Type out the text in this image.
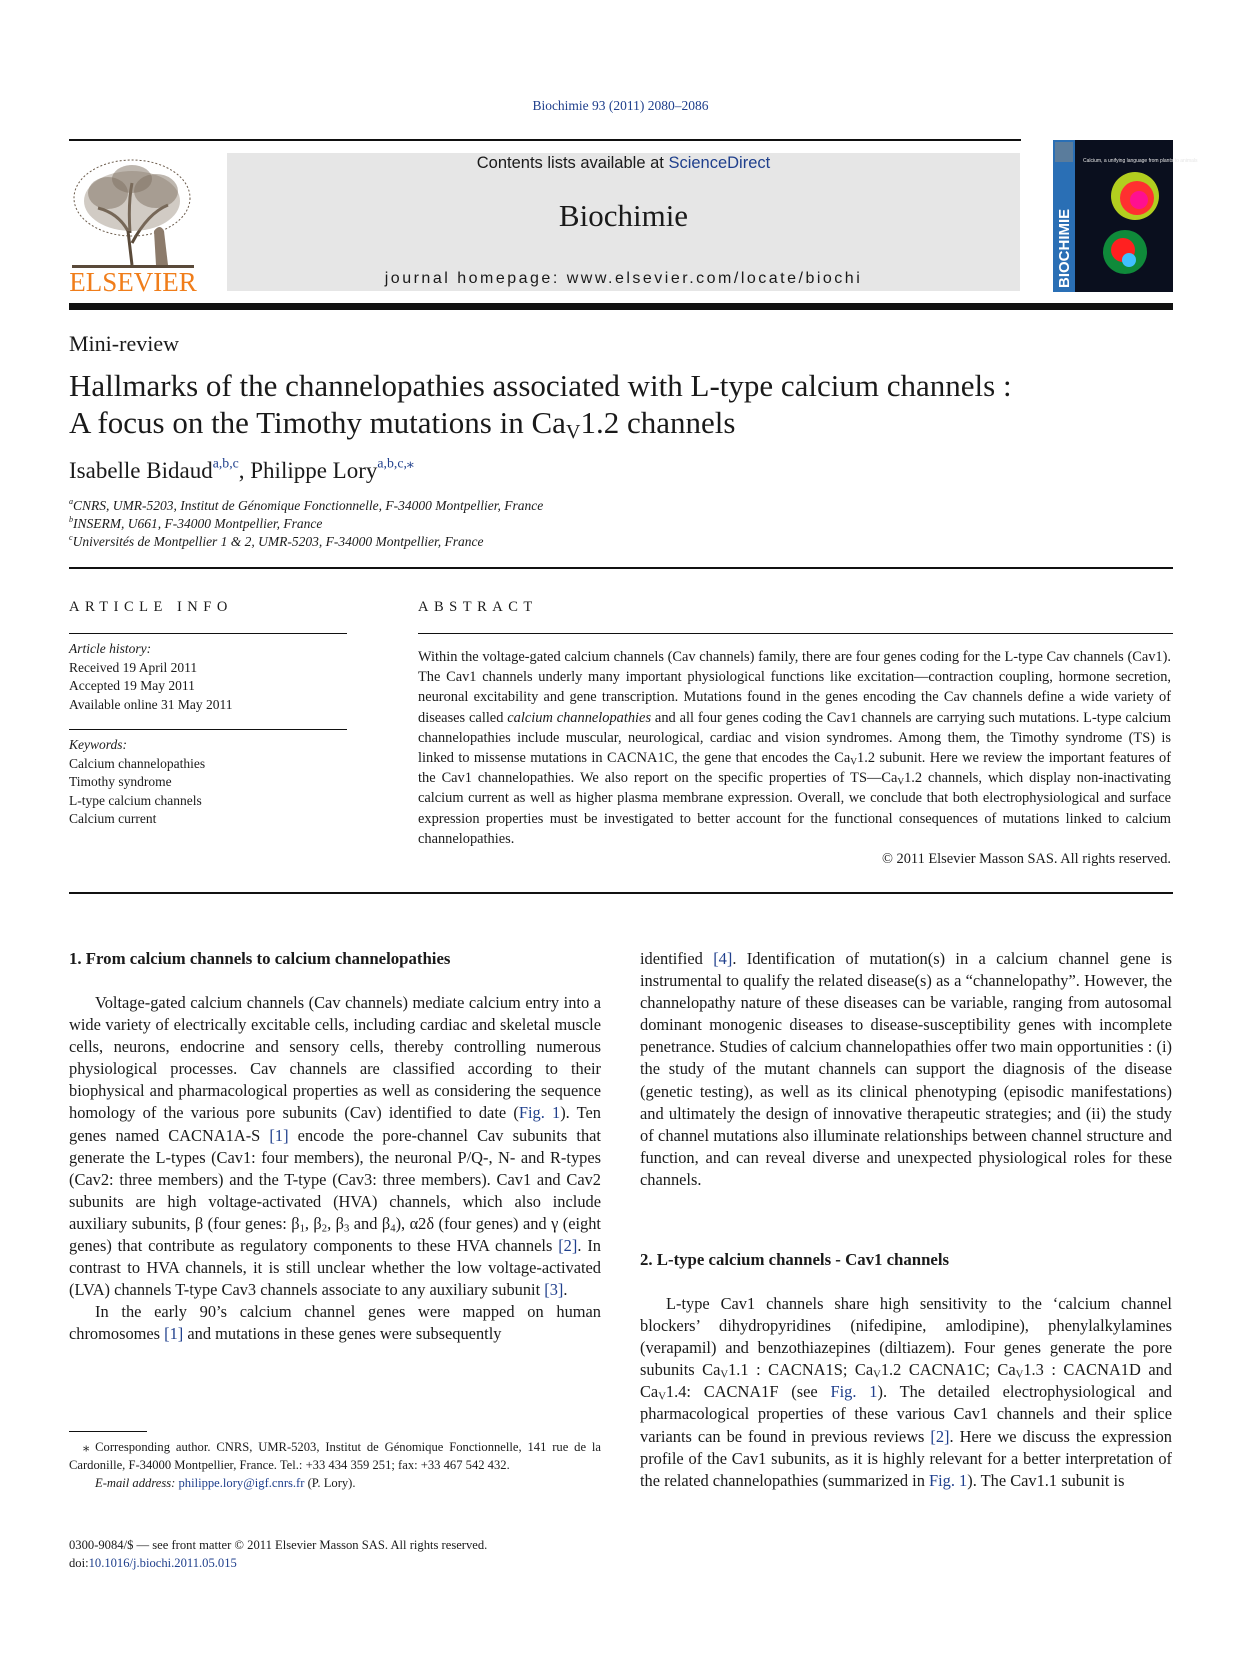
Biochimie 93 (2011) 2080–2086
ELSEVIER
Contents lists available at ScienceDirect
Biochimie
journal homepage: www.elsevier.com/locate/biochi	BIOCHIMIE
Calcium, a unifying language from plants to animals
Mini-review
Hallmarks of the channelopathies associated with L-type calcium channels :
A focus on the Timothy mutations in $Ca_V1.2$ channels
Isabelle Bidaud$^{a,b,c}$, Philippe Lory$^{a,b,c,⁎}$
$^a$CNRS, UMR-5203, Institut de Génomique Fonctionnelle, F-34000 Montpellier, France
$^b$INSERM, U661, F-34000 Montpellier, France
$^c$Universités de Montpellier 1 & 2, UMR-5203, F-34000 Montpellier, France
ARTICLE INFO
Article history:
Received 19 April 2011
Accepted 19 May 2011
Available online 31 May 2011
Keywords:
Calcium channelopathies
Timothy syndrome
L-type calcium channels
Calcium current
ABSTRACT
Within the voltage-gated calcium channels (Cav channels) family, there are four genes coding for the L-type Cav channels (Cav1). The Cav1 channels underly many important physiological functions like excitation—contraction coupling, hormone secretion, neuronal excitability and gene transcription. Mutations found in the genes encoding the Cav channels define a wide variety of diseases called calcium channelopathies and all four genes coding the Cav1 channels are carrying such mutations. L-type calcium channelopathies include muscular, neurological, cardiac and vision syndromes. Among them, the Timothy syndrome (TS) is linked to missense mutations in CACNA1C, the gene that encodes the $Ca_V1.2$ subunit. Here we review the important features of the Cav1 channelopathies. We also report on the specific properties of $TS—Ca_V1.2$ channels, which display non-inactivating calcium current as well as higher plasma membrane expression. Overall, we conclude that both electrophysiological and surface expression properties must be investigated to better account for the functional consequences of mutations linked to calcium channelopathies.
© 2011 Elsevier Masson SAS. All rights reserved.
1. From calcium channels to calcium channelopathies

Voltage-gated calcium channels (Cav channels) mediate calcium entry into a wide variety of electrically excitable cells, including cardiac and skeletal muscle cells, neurons, endocrine and sensory cells, thereby controlling numerous physiological processes. Cav channels are classified according to their biophysical and pharmacological properties as well as considering the sequence homology of the various pore subunits (Cav) identified to date (Fig. 1). Ten genes named CACNA1A-S [1] encode the pore-channel Cav subunits that generate the L-types (Cav1: four members), the neuronal P/Q-, N- and R-types (Cav2: three members) and the T-type (Cav3: three members). Cav1 and Cav2 subunits are high voltage-activated (HVA) channels, which also include auxiliary subunits, β (four genes: $\beta_1$, $\beta_2$, $\beta_3$ and $\beta_4$), α2δ (four genes) and γ (eight genes) that contribute as regulatory components to these HVA channels [2]. In contrast to HVA channels, it is still unclear whether the low voltage-activated (LVA) channels T-type Cav3 channels associate to any auxiliary subunit [3].

In the early 90’s calcium channel genes were mapped on human chromosomes [1] and mutations in these genes were subsequently

⁎ Corresponding author. CNRS, UMR-5203, Institut de Génomique Fonctionnelle, 141 rue de la Cardonille, F-34000 Montpellier, France. Tel.: +33 434 359 251; fax: +33 467 542 432.
E-mail address: philippe.lory@igf.cnrs.fr (P. Lory).
0300-9084/$ — see front matter © 2011 Elsevier Masson SAS. All rights reserved.
doi:10.1016/j.biochi.2011.05.015

identified [4]. Identification of mutation(s) in a calcium channel gene is instrumental to qualify the related disease(s) as a “channelopathy”. However, the channelopathy nature of these diseases can be variable, ranging from autosomal dominant monogenic diseases to disease-susceptibility genes with incomplete penetrance. Studies of calcium channelopathies offer two main opportunities : (i) the study of the mutant channels can support the diagnosis of the disease (genetic testing), as well as its clinical phenotyping (episodic manifestations) and ultimately the design of innovative therapeutic strategies; and (ii) the study of channel mutations also illuminate relationships between channel structure and function, and can reveal diverse and unexpected physiological roles for these channels.

2. L-type calcium channels - Cav1 channels

L-type Cav1 channels share high sensitivity to the ‘calcium channel blockers’ dihydropyridines (nifedipine, amlodipine), phenylalkylamines (verapamil) and benzothiazepines (diltiazem). Four genes generate the pore subunits $Ca_V1.1$ : CACNA1S; $Ca_V1.2$ CACNA1C; $Ca_V1.3$ : CACNA1D and $Ca_V1.4$: CACNA1F (see Fig. 1). The detailed electrophysiological and pharmacological properties of these various Cav1 channels and their splice variants can be found in previous reviews [2]. Here we discuss the expression profile of the Cav1 subunits, as it is highly relevant for a better interpretation of the related channelopathies (summarized in Fig. 1). The Cav1.1 subunit is
